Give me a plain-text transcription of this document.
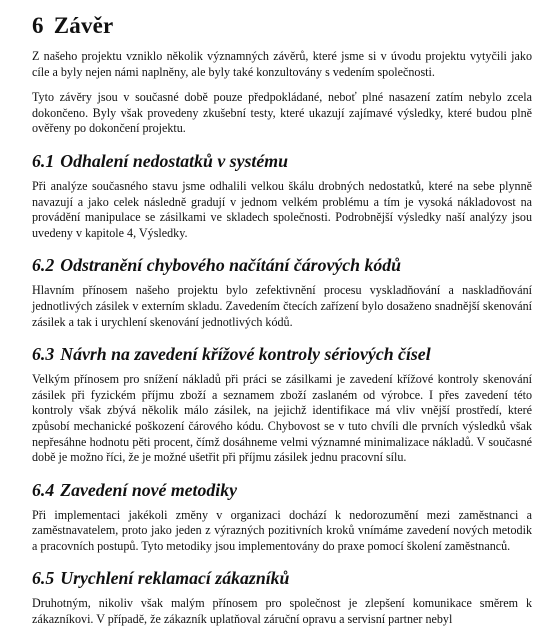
6 Závěr

Z našeho projektu vzniklo několik významných závěrů, které jsme si v úvodu projektu vytyčili jako cíle a byly nejen námi naplněny, ale byly také konzultovány s vedením společnosti.

Tyto závěry jsou v současné době pouze předpokládané, neboť plné nasazení zatím nebylo zcela dokončeno. Byly však provedeny zkušební testy, které ukazují zajímavé výsledky, které budou plně ověřeny po dokončení projektu.

6.1 Odhalení nedostatků v systému

Při analýze současného stavu jsme odhalili velkou škálu drobných nedostatků, které na sebe plynně navazují a jako celek následně gradují v jednom velkém problému a tím je vysoká nákladovost na provádění manipulace se zásilkami ve skladech společnosti. Podrobnější výsledky naší analýzy jsou uvedeny v kapitole 4, Výsledky.

6.2 Odstranění chybového načítání čárových kódů

Hlavním přínosem našeho projektu bylo zefektivnění procesu vyskladňování a naskladňování jednotlivých zásilek v externím skladu. Zavedením čtecích zařízení bylo dosaženo snadnější skenování zásilek a tak i urychlení skenování jednotlivých kódů.

6.3 Návrh na zavedení křížové kontroly sériových čísel

Velkým přínosem pro snížení nákladů při práci se zásilkami je zavedení křížové kontroly skenování zásilek při fyzickém příjmu zboží a seznamem zboží zaslaném od výrobce. I přes zavedení této kontroly však zbývá několik málo zásilek, na jejichž identifikace má vliv vnější prostředí, které způsobí mechanické poškození čárového kódu. Chybovost se v tuto chvíli dle prvních výsledků však nepřesáhne hodnotu pěti procent, čímž dosáhneme velmi významné minimalizace nákladů. V současné době je možno říci, že je možné ušetřit při příjmu zásilek jednu pracovní sílu.

6.4 Zavedení nové metodiky

Při implementaci jakékoli změny v organizaci dochází k nedorozumění mezi zaměstnanci a zaměstnavatelem, proto jako jeden z výrazných pozitivních kroků vnímáme zavedení nových metodik a pracovních postupů. Tyto metodiky jsou implementovány do praxe pomocí školení zaměstnanců.

6.5 Urychlení reklamací zákazníků

Druhotným, nikoliv však malým přínosem pro společnost je zlepšení komunikace směrem k zákazníkovi. V případě, že zákazník uplatňoval záruční opravu a servisní partner nebyl
